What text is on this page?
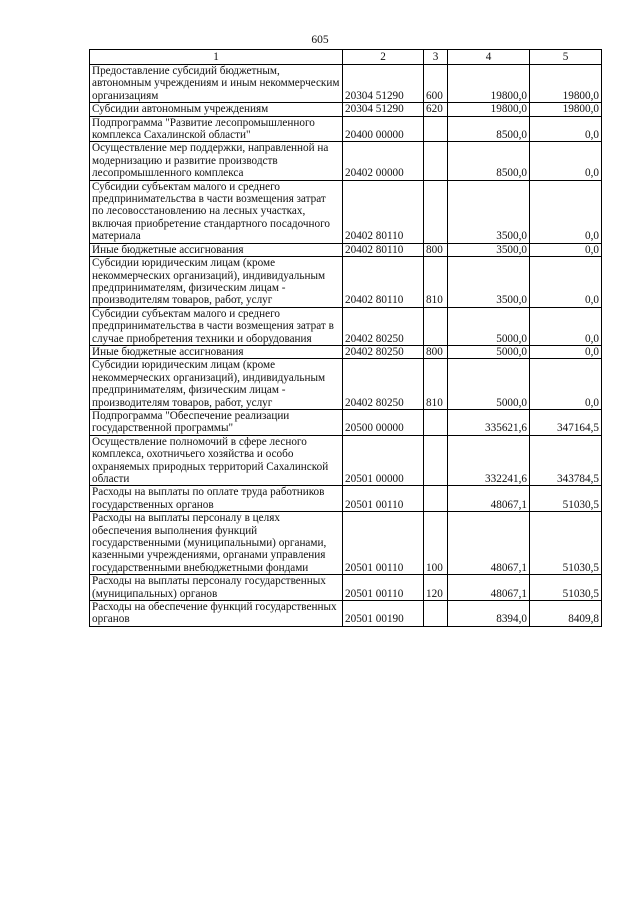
605
1	2	3	4	5
Предоставление субсидий бюджетным, автономным учреждениям и иным некоммерческим организациям	20304 51290	600	19800,0	19800,0
Субсидии автономным учреждениям	20304 51290	620	19800,0	19800,0
Подпрограмма "Развитие лесопромышленного комплекса Сахалинской области"	20400 00000		8500,0	0,0
Осуществление мер поддержки, направленной на модернизацию и развитие производств лесопромышленного комплекса	20402 00000		8500,0	0,0
Субсидии субъектам малого и среднего предпринимательства в части возмещения затрат по лесовосстановлению на лесных участках, включая приобретение стандартного посадочного материала	20402 80110		3500,0	0,0
Иные бюджетные ассигнования	20402 80110	800	3500,0	0,0
Субсидии юридическим лицам (кроме некоммерческих организаций), индивидуальным предпринимателям, физическим лицам - производителям товаров, работ, услуг	20402 80110	810	3500,0	0,0
Субсидии субъектам малого и среднего предпринимательства в части возмещения затрат в случае приобретения техники и оборудования	20402 80250		5000,0	0,0
Иные бюджетные ассигнования	20402 80250	800	5000,0	0,0
Субсидии юридическим лицам (кроме некоммерческих организаций), индивидуальным предпринимателям, физическим лицам - производителям товаров, работ, услуг	20402 80250	810	5000,0	0,0
Подпрограмма "Обеспечение реализации государственной программы"	20500 00000		335621,6	347164,5
Осуществление полномочий в сфере лесного комплекса, охотничьего хозяйства и особо охраняемых природных территорий Сахалинской области	20501 00000		332241,6	343784,5
Расходы на выплаты по оплате труда работников государственных органов	20501 00110		48067,1	51030,5
Расходы на выплаты персоналу в целях обеспечения выполнения функций государственными (муниципальными) органами, казенными учреждениями, органами управления государственными внебюджетными фондами	20501 00110	100	48067,1	51030,5
Расходы на выплаты персоналу государственных (муниципальных) органов	20501 00110	120	48067,1	51030,5
Расходы на обеспечение функций государственных органов	20501 00190		8394,0	8409,8
